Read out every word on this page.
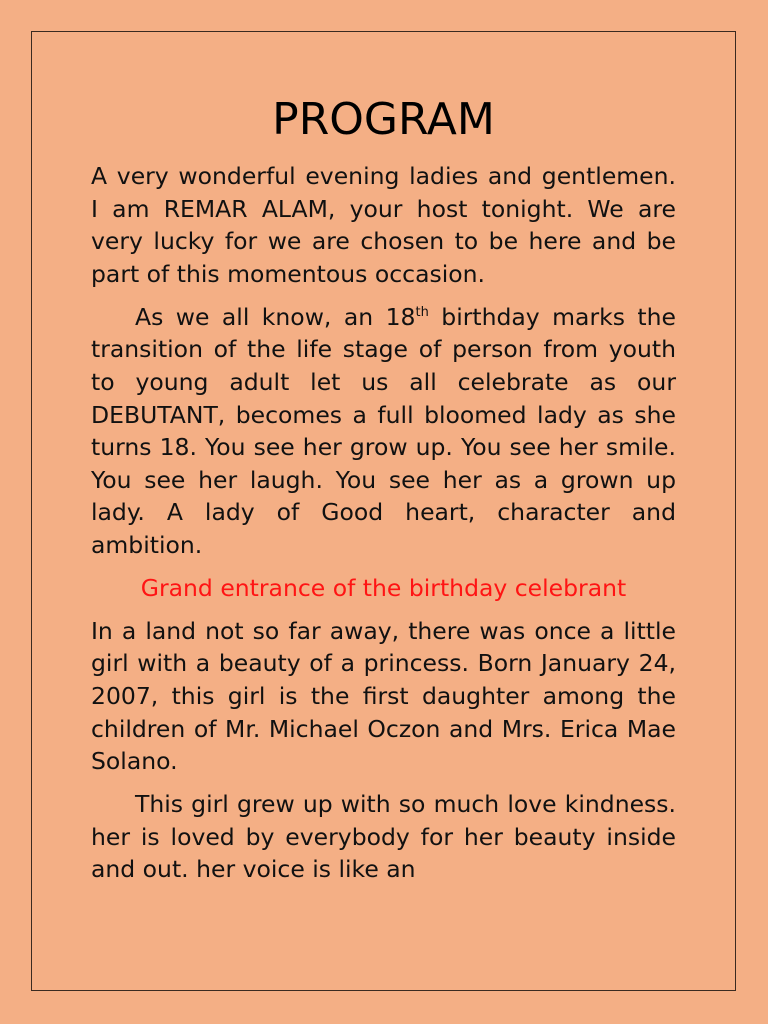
PROGRAM

A very wonderful evening ladies and gentlemen. I am REMAR ALAM, your host tonight. We are very lucky for we are chosen to be here and be part of this momentous occasion.

As we all know, an 18th birthday marks the transition of the life stage of person from youth to young adult let us all celebrate as our DEBUTANT, becomes a full bloomed lady as she turns 18. You see her grow up. You see her smile. You see her laugh. You see her as a grown up lady. A lady of Good heart, character and ambition.

Grand entrance of the birthday celebrant

In a land not so far away, there was once a little girl with a beauty of a princess. Born January 24, 2007, this girl is the first daughter among the children of Mr. Michael Oczon and Mrs. Erica Mae Solano.

This girl grew up with so much love kindness. her is loved by everybody for her beauty inside and out. her voice is like an
